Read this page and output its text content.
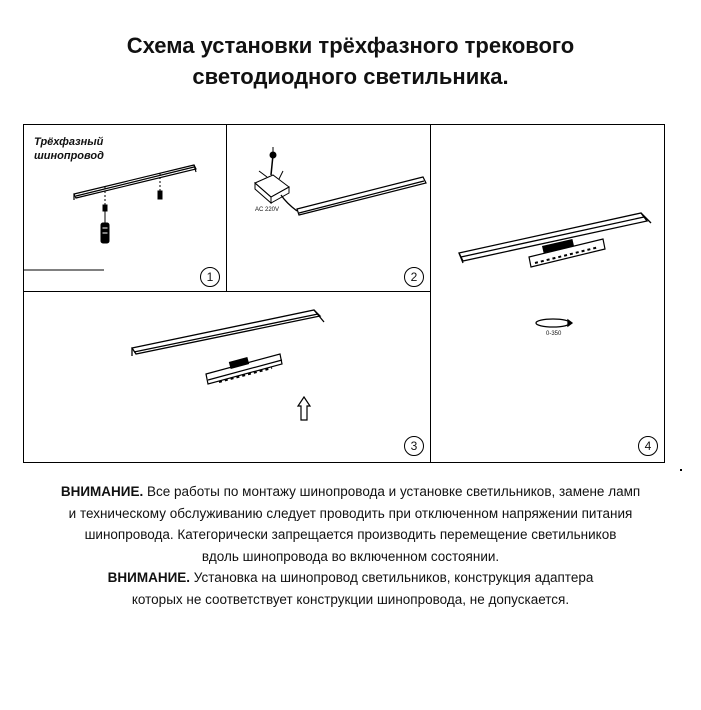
Схема установки трёхфазного трекового
светодиодного светильника.
Трёхфазный
шинопровод
1
AC 220V
2
3
0-350
4
ВНИМАНИЕ. Все работы по монтажу шинопровода и установке светильников, замене ламп
и техническому обслуживанию следует проводить при отключенном напряжении питания
шинопровода. Категорически запрещается производить перемещение светильников
вдоль шинопровода во включенном состоянии.
ВНИМАНИЕ. Установка на шинопровод светильников, конструкция адаптера
которых не соответствует конструкции шинопровода, не допускается.
